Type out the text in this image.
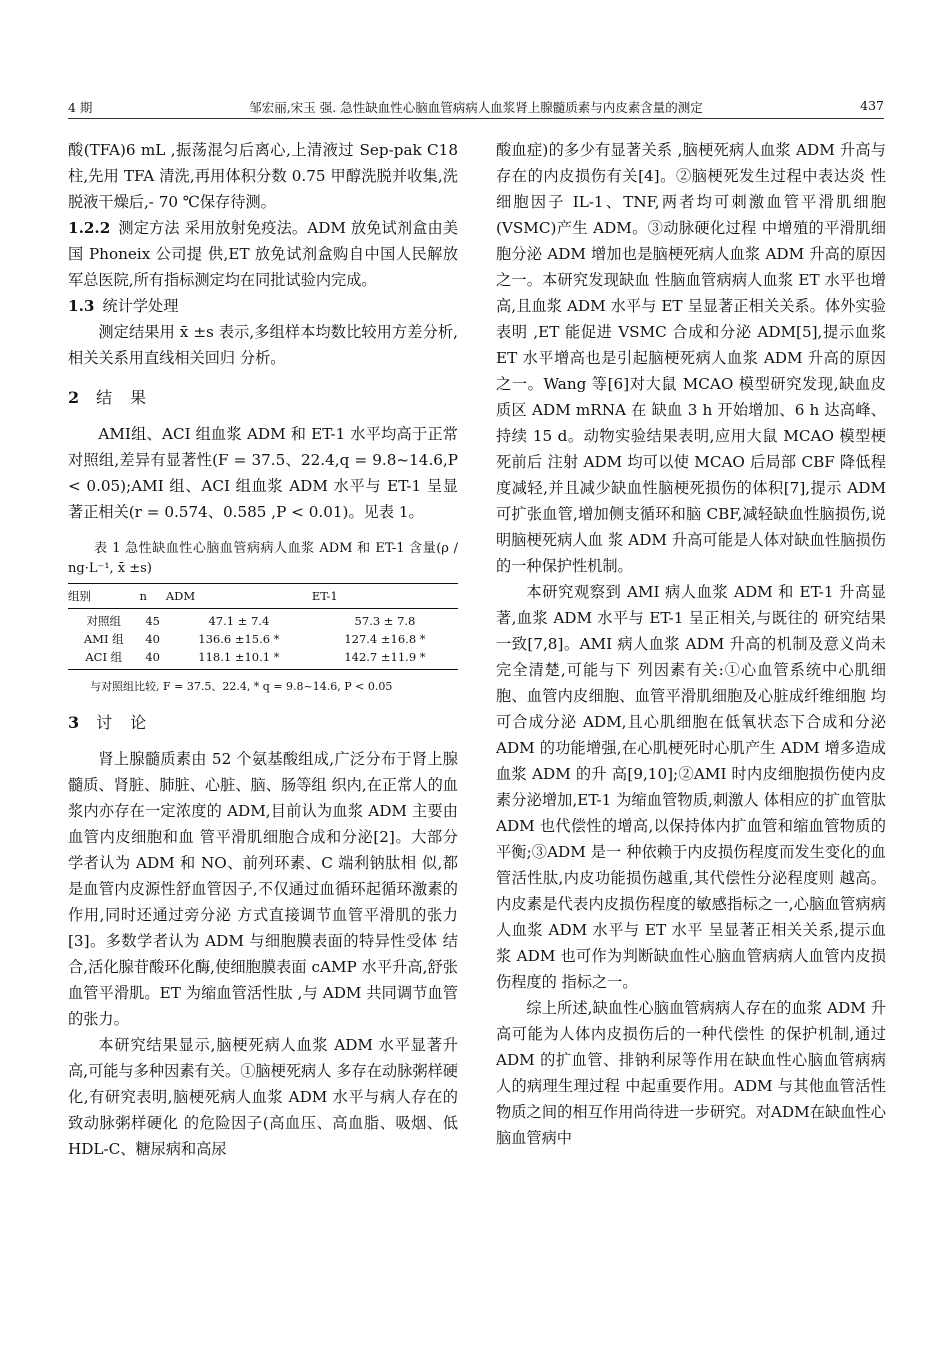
4 期	邹宏丽,宋玉 强. 急性缺血性心脑血管病病人血浆肾上腺髓质素与内皮素含量的测定	437

酸(TFA)6 mL ,振荡混匀后离心,上清液过 Sep-pak C18 柱,先用 TFA 清洗,再用体积分数 0.75 甲醇洗脱并收集,洗脱液干燥后,- 70 ℃保存待测。

1.2.2 测定方法 采用放射免疫法。ADM 放免试剂盒由美国 Phoneix 公司提 供,ET 放免试剂盒购自中国人民解放军总医院,所有指标测定均在同批试验内完成。

1.3 统计学处理

测定结果用 x̄ ±s 表示,多组样本均数比较用方差分析,相关关系用直线相关回归 分析。

2 结果

AMI组、ACI 组血浆 ADM 和 ET-1 水平均高于正常对照组,差异有显著性(F = 37.5、22.4,q = 9.8~14.6,P < 0.05);AMI 组、ACI 组血浆 ADM 水平与 ET-1 呈显著正相关(r = 0.574、0.585 ,P < 0.01)。见表 1。

表 1 急性缺血性心脑血管病病人血浆 ADM 和 ET-1 含量(ρ / ng·L⁻¹, x̄ ±s)

组别	n	ADM	ET-1
对照组	45	47.1 ± 7.4	57.3 ± 7.8
AMI 组	40	136.6 ±15.6 *	127.4 ±16.8 *
ACI 组	40	118.1 ±10.1 *	142.7 ±11.9 *

与对照组比较, F = 37.5、22.4, * q = 9.8~14.6, P < 0.05

3 讨论

肾上腺髓质素由 52 个氨基酸组成,广泛分布于肾上腺髓质、肾脏、肺脏、心脏、脑、肠等组 织内,在正常人的血浆内亦存在一定浓度的 ADM,目前认为血浆 ADM 主要由血管内皮细胞和血 管平滑肌细胞合成和分泌[2]。大部分学者认为 ADM 和 NO、前列环素、C 端利钠肽相 似,都是血管内皮源性舒血管因子,不仅通过血循环起循环激素的作用,同时还通过旁分泌 方式直接调节血管平滑肌的张力[3]。多数学者认为 ADM 与细胞膜表面的特异性受体 结合,活化腺苷酸环化酶,使细胞膜表面 cAMP 水平升高,舒张血管平滑肌。ET 为缩血管活性肽 ,与 ADM 共同调节血管的张力。

本研究结果显示,脑梗死病人血浆 ADM 水平显著升高,可能与多种因素有关。①脑梗死病人 多存在动脉粥样硬化,有研究表明,脑梗死病人血浆 ADM 水平与病人存在的致动脉粥样硬化 的危险因子(高血压、高血脂、吸烟、低 HDL-C、糖尿病和高尿

酸血症)的多少有显著关系 ,脑梗死病人血浆 ADM 升高与存在的内皮损伤有关[4]。②脑梗死发生过程中表达炎 性细胞因子 IL-1、TNF,两者均可刺激血管平滑肌细胞(VSMC)产生 ADM。③动脉硬化过程 中增殖的平滑肌细胞分泌 ADM 增加也是脑梗死病人血浆 ADM 升高的原因之一。本研究发现缺血 性脑血管病病人血浆 ET 水平也增高,且血浆 ADM 水平与 ET 呈显著正相关关系。体外实验表明 ,ET 能促进 VSMC 合成和分泌 ADM[5],提示血浆 ET 水平增高也是引起脑梗死病人血浆 ADM 升高的原因之一。Wang 等[6]对大鼠 MCAO 模型研究发现,缺血皮质区 ADM mRNA 在 缺血 3 h 开始增加、6 h 达高峰、持续 15 d。动物实验结果表明,应用大鼠 MCAO 模型梗死前后 注射 ADM 均可以使 MCAO 后局部 CBF 降低程度减轻,并且减少缺血性脑梗死损伤的体积[7],提示 ADM 可扩张血管,增加侧支循环和脑 CBF,减轻缺血性脑损伤,说明脑梗死病人血 浆 ADM 升高可能是人体对缺血性脑损伤的一种保护性机制。

本研究观察到 AMI 病人血浆 ADM 和 ET-1 升高显著,血浆 ADM 水平与 ET-1 呈正相关,与既往的 研究结果一致[7,8]。AMI 病人血浆 ADM 升高的机制及意义尚未完全清楚,可能与下 列因素有关:①心血管系统中心肌细胞、血管内皮细胞、血管平滑肌细胞及心脏成纤维细胞 均可合成分泌 ADM,且心肌细胞在低氧状态下合成和分泌 ADM 的功能增强,在心肌梗死时心肌产生 ADM 增多造成血浆 ADM 的升 高[9,10];②AMI 时内皮细胞损伤使内皮素分泌增加,ET-1 为缩血管物质,刺激人 体相应的扩血管肽 ADM 也代偿性的增高,以保持体内扩血管和缩血管物质的平衡;③ADM 是一 种依赖于内皮损伤程度而发生变化的血管活性肽,内皮功能损伤越重,其代偿性分泌程度则 越高。内皮素是代表内皮损伤程度的敏感指标之一,心脑血管病病人血浆 ADM 水平与 ET 水平 呈显著正相关关系,提示血浆 ADM 也可作为判断缺血性心脑血管病病人血管内皮损伤程度的 指标之一。

综上所述,缺血性心脑血管病病人存在的血浆 ADM 升高可能为人体内皮损伤后的一种代偿性 的保护机制,通过 ADM 的扩血管、排钠利尿等作用在缺血性心脑血管病病人的病理生理过程 中起重要作用。ADM 与其他血管活性物质之间的相互作用尚待进一步研究。对ADM在缺血性心脑血管病中
